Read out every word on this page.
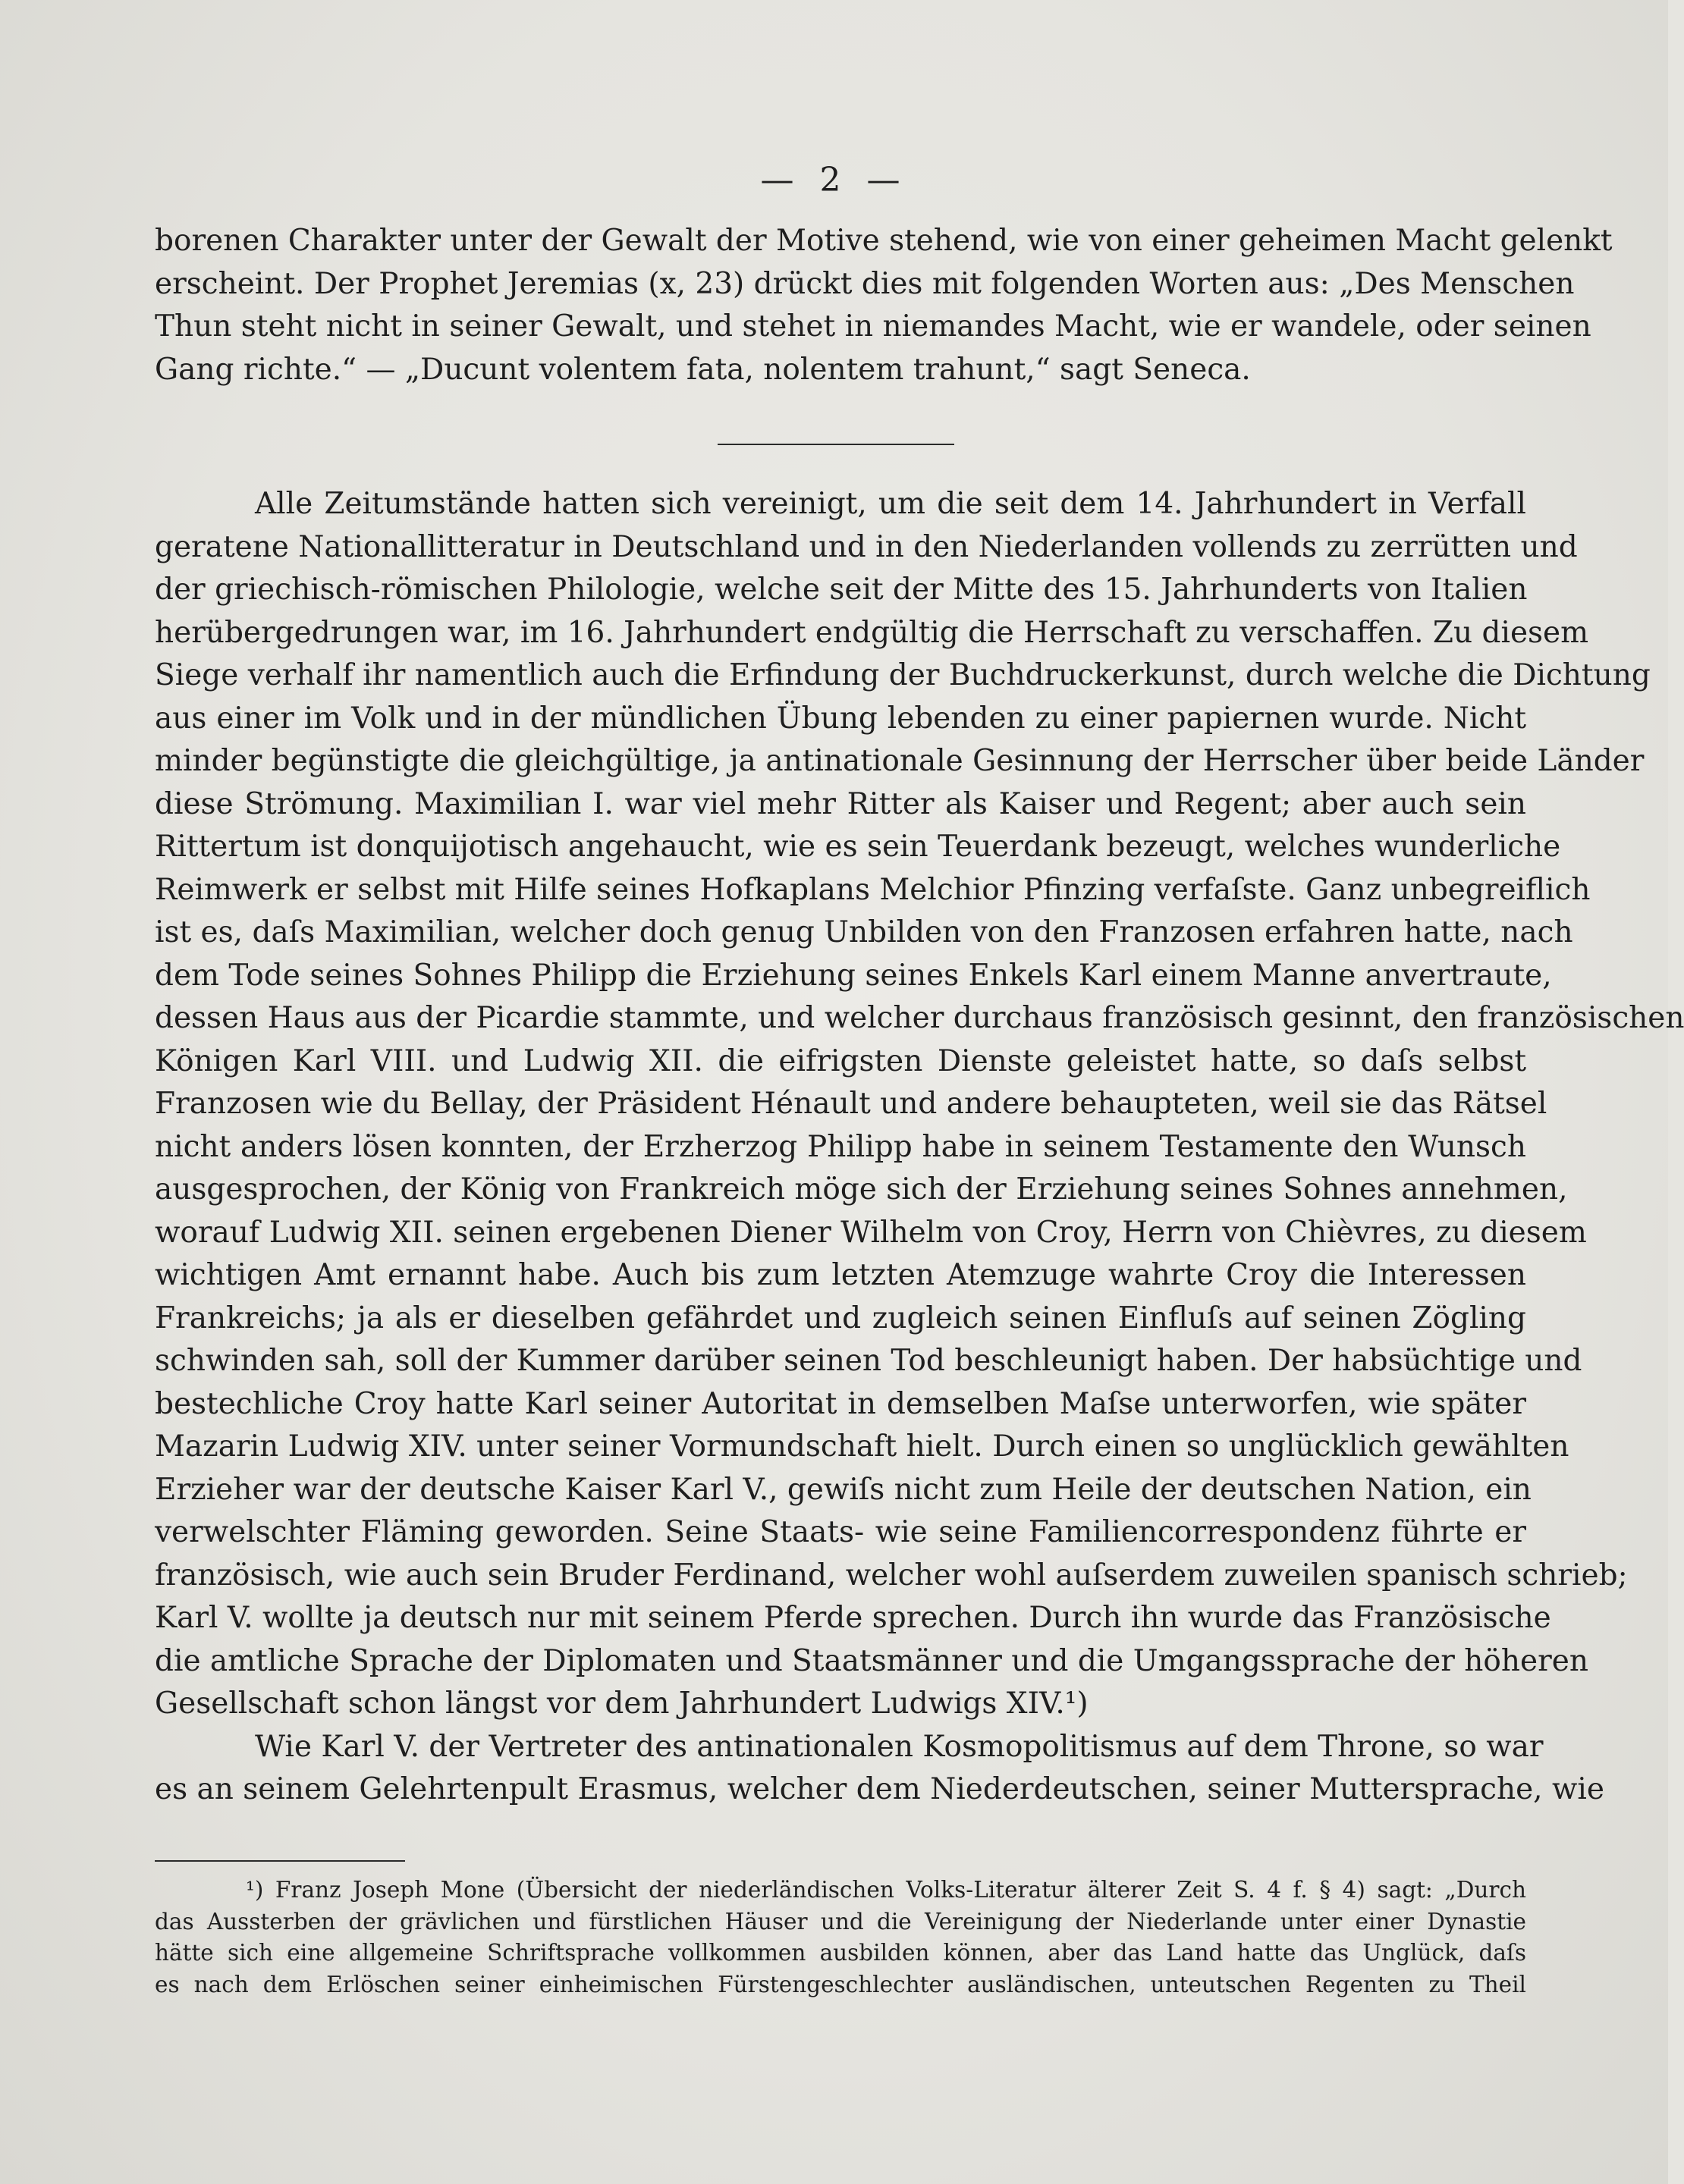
— 2 —
borenen Charakter unter der Gewalt der Motive stehend, wie von einer geheimen Macht gelenkt
erscheint. Der Prophet Jeremias (x, 23) drückt dies mit folgenden Worten aus: „Des Menschen
Thun steht nicht in seiner Gewalt, und stehet in niemandes Macht, wie er wandele, oder seinen
Gang richte.“ — „Ducunt volentem fata, nolentem trahunt,“ sagt Seneca.
Alle Zeitumstände hatten sich vereinigt, um die seit dem 14. Jahrhundert in Verfall
geratene Nationallitteratur in Deutschland und in den Niederlanden vollends zu zerrütten und
der griechisch-römischen Philologie, welche seit der Mitte des 15. Jahrhunderts von Italien
herübergedrungen war, im 16. Jahrhundert endgültig die Herrschaft zu verschaffen. Zu diesem
Siege verhalf ihr namentlich auch die Erfindung der Buchdruckerkunst, durch welche die Dichtung
aus einer im Volk und in der mündlichen Übung lebenden zu einer papiernen wurde. Nicht
minder begünstigte die gleichgültige, ja antinationale Gesinnung der Herrscher über beide Länder
diese Strömung. Maximilian I. war viel mehr Ritter als Kaiser und Regent; aber auch sein
Rittertum ist donquijotisch angehaucht, wie es sein Teuerdank bezeugt, welches wunderliche
Reimwerk er selbst mit Hilfe seines Hofkaplans Melchior Pfinzing verfaſste. Ganz unbegreiflich
ist es, daſs Maximilian, welcher doch genug Unbilden von den Franzosen erfahren hatte, nach
dem Tode seines Sohnes Philipp die Erziehung seines Enkels Karl einem Manne anvertraute,
dessen Haus aus der Picardie stammte, und welcher durchaus französisch gesinnt, den französischen
Königen Karl VIII. und Ludwig XII. die eifrigsten Dienste geleistet hatte, so daſs selbst
Franzosen wie du Bellay, der Präsident Hénault und andere behaupteten, weil sie das Rätsel
nicht anders lösen konnten, der Erzherzog Philipp habe in seinem Testamente den Wunsch
ausgesprochen, der König von Frankreich möge sich der Erziehung seines Sohnes annehmen,
worauf Ludwig XII. seinen ergebenen Diener Wilhelm von Croy, Herrn von Chièvres, zu diesem
wichtigen Amt ernannt habe. Auch bis zum letzten Atemzuge wahrte Croy die Interessen
Frankreichs; ja als er dieselben gefährdet und zugleich seinen Einfluſs auf seinen Zögling
schwinden sah, soll der Kummer darüber seinen Tod beschleunigt haben. Der habsüchtige und
bestechliche Croy hatte Karl seiner Autoritat in demselben Maſse unterworfen, wie später
Mazarin Ludwig XIV. unter seiner Vormundschaft hielt. Durch einen so unglücklich gewählten
Erzieher war der deutsche Kaiser Karl V., gewiſs nicht zum Heile der deutschen Nation, ein
verwelschter Fläming geworden. Seine Staats- wie seine Familiencorrespondenz führte er
französisch, wie auch sein Bruder Ferdinand, welcher wohl auſserdem zuweilen spanisch schrieb;
Karl V. wollte ja deutsch nur mit seinem Pferde sprechen. Durch ihn wurde das Französische
die amtliche Sprache der Diplomaten und Staatsmänner und die Umgangssprache der höheren
Gesellschaft schon längst vor dem Jahrhundert Ludwigs XIV.¹)
Wie Karl V. der Vertreter des antinationalen Kosmopolitismus auf dem Throne, so war
es an seinem Gelehrtenpult Erasmus, welcher dem Niederdeutschen, seiner Muttersprache, wie
¹) Franz Joseph Mone (Übersicht der niederländischen Volks-Literatur älterer Zeit S. 4 f. § 4) sagt: „Durch
das Aussterben der grävlichen und fürstlichen Häuser und die Vereinigung der Niederlande unter einer Dynastie
hätte sich eine allgemeine Schriftsprache vollkommen ausbilden können, aber das Land hatte das Unglück, daſs
es nach dem Erlöschen seiner einheimischen Fürstengeschlechter ausländischen, unteutschen Regenten zu Theil
